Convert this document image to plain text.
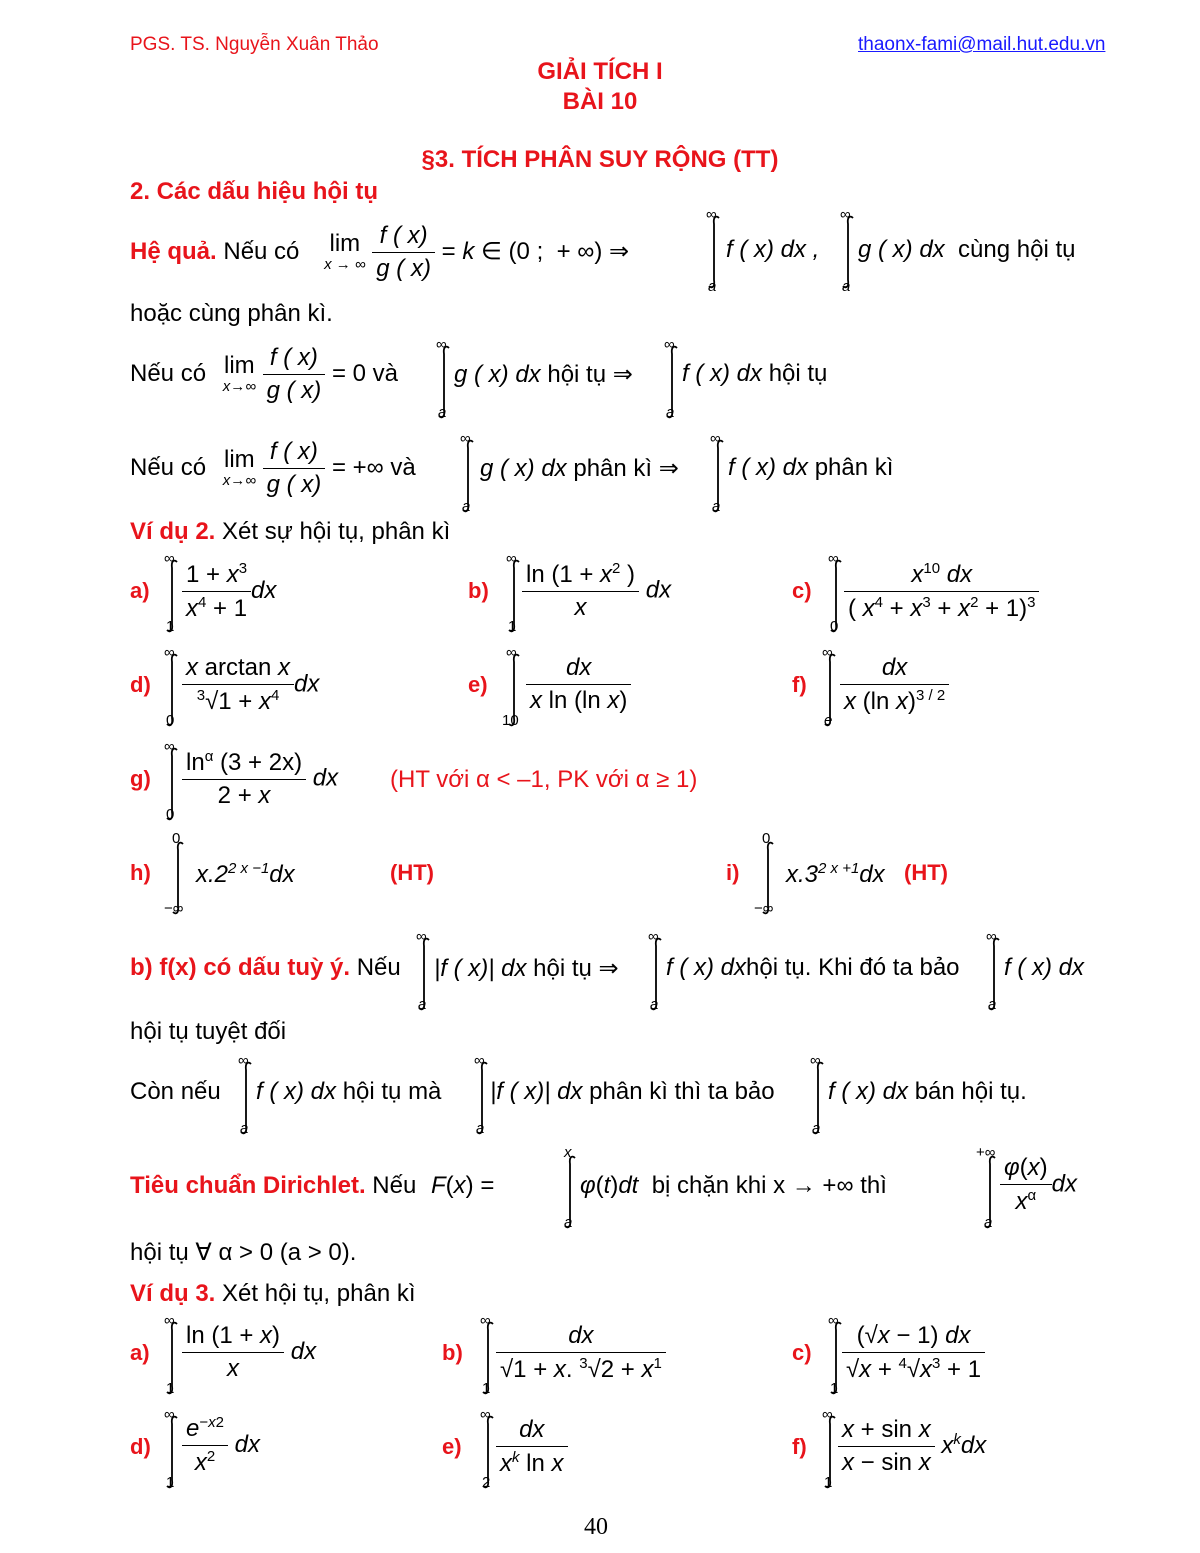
PGS. TS. Nguyễn Xuân Thảo	thaonx-fami@mail.hut.edu.vn
GIẢI TÍCH I
BÀI 10
§3. TÍCH PHÂN SUY RỘNG (TT)
2. Các dấu hiệu hội tụ
Hệ quả. Nếu có lim
x → ∞
$\frac{f ( x)}{g ( x)} = k$ ∈ (0 ;  + ∞) ⇒
∞
a
f ( x) dx ,
∞
a
g ( x) dx cùng hội tụ
hoặc cùng phân kì.
Nếu có lim
x→∞
$\frac{f ( x)}{g ( x)} = 0$ và
∞
a
g ( x) dx hội tụ ⇒
∞
a
f ( x) dx hội tụ
Nếu có lim
x→∞
$\frac{f ( x)}{g ( x)}$ = +∞ và
∞
a
g ( x) dx phân kì ⇒
∞
a
f ( x) dx phân kì
Ví dụ 2. Xét sự hội tụ, phân kì
a)
∞
1
$\frac{1 + x^3}{x^4 + 1}$ dx	b)
∞
1
$\frac{\ln (1 + x^2 )}{x}$ dx	c)
∞
0
$\frac{x^{10} dx}{( x^4 + x^3 + x^2 + 1)^3}$
d)
∞
0
$\frac{\text{x arctan x}}{^3√1 + x^4}$ dx	e)
∞
10
$\frac{dx}{\text{x ln (ln x)}}$	f)
∞
e
$\frac{dx}{x (\ln x)^{3 / 2}}$
g)
∞
0
$\frac{\ln^\alpha (3 + 2x)}{2 + x}$ dx (HT với α < –1, PK với α ≥ 1)
h)
0
−∞
$x.2^{2 x -1}dx$	(HT)	i)
0
−∞
$x.3^{2 x +1}dx$ (HT)
b) f(x) có dấu tuỳ ý. Nếu
∞
a
|f ( x)| dx hội tụ ⇒
∞
a
f ( x) dxhội tụ. Khi đó ta bảo
∞
a
f ( x) dx
hội tụ tuyệt đối
Còn nếu
∞
a
f ( x) dx hội tụ mà
∞
a
|f ( x)| dx phân kì thì ta bảo
∞
a
f ( x) dx bán hội tụ.
Tiêu chuẩn Dirichlet. Nếu F(x) =
x
a
φ(t)dt bị chặn khi x → +∞ thì
+∞
a
$\frac{\varphi(x)}{x^\alpha}$ dx
hội tụ ∀ α > 0 (a > 0).
Ví dụ 3. Xét hội tụ, phân kì
a)
∞
1
$\frac{\ln (1 + x)}{x}$ dx	b)
∞
1
$\frac{dx}{√1 + x. ^3√2 + x^1}$	c)
∞
1
$\frac{(√x - 1) dx}{√x + ^4√x^3 + 1}$
d)
∞
1
$\frac{e^{-x2}}{x^2}$ dx	e)
∞
2
$\frac{dx}{x^k \ln x}$	f)
∞
1
$\frac{\text{x + sin x}}{\text{x − sin x}} x^kdx$
40
